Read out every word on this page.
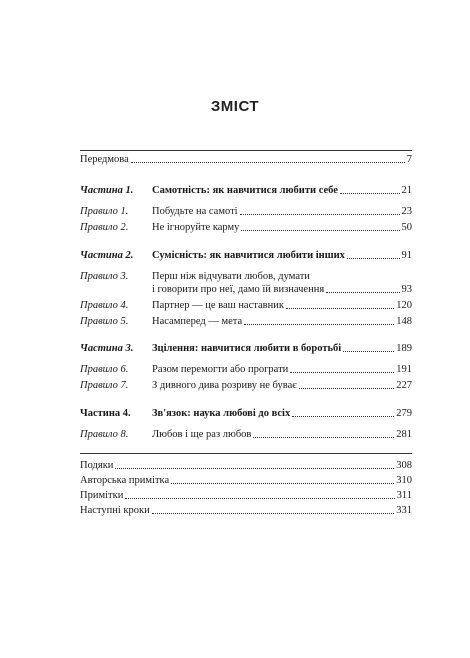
ЗМІСТ
Передмова	7
Частина 1.	Самотність: як навчитися любити себе	21
Правило 1.	Побудьте на самоті	23
Правило 2.	Не ігноруйте карму	50
Частина 2.	Сумісність: як навчитися любити інших	91
Правило 3.	Перш ніж відчувати любов, думати
і говорити про неї, дамо їй визначення	93
Правило 4.	Партнер — це ваш наставник	120
Правило 5.	Насамперед — мета	148
Частина 3.	Зцілення: навчитися любити в боротьбі	189
Правило 6.	Разом перемогти або програти	191
Правило 7.	З дивного дива розриву не буває	227
Частина 4.	Зв'язок: наука любові до всіх	279
Правило 8.	Любов і ще раз любов	281
Подяки	308
Авторська примітка	310
Примітки	311
Наступні кроки	331
